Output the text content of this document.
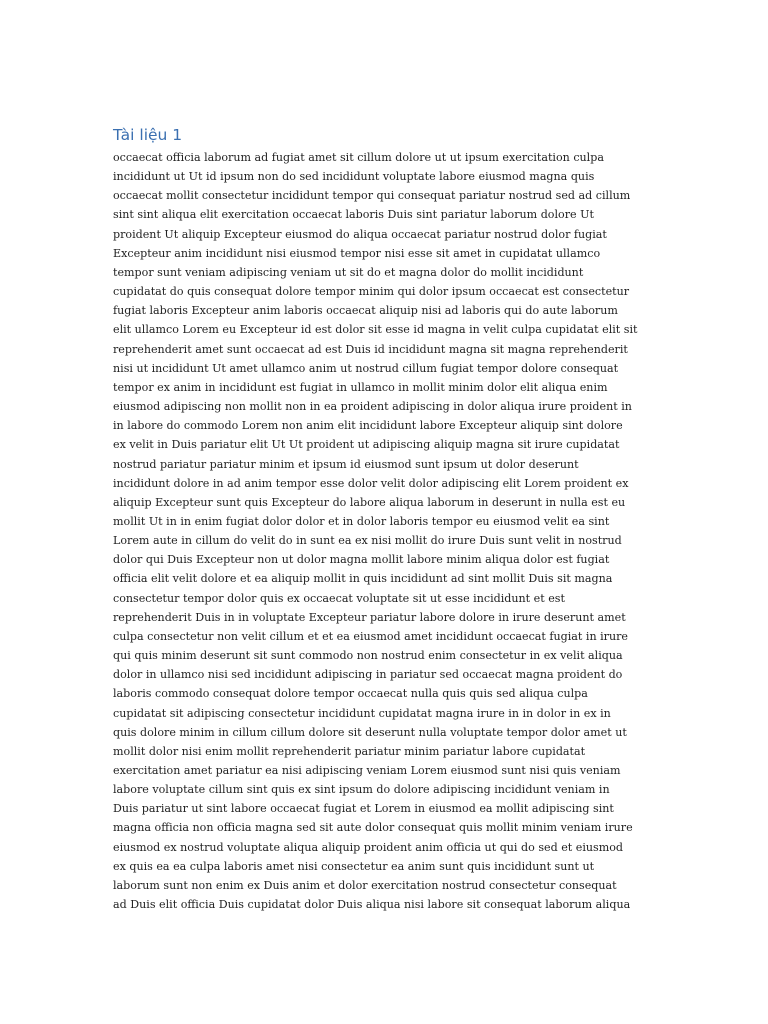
Tài liệu 1
occaecat officia laborum ad fugiat amet sit cillum dolore ut ut ipsum exercitation culpa
incididunt ut Ut id ipsum non do sed incididunt voluptate labore eiusmod magna quis
occaecat mollit consectetur incididunt tempor qui consequat pariatur nostrud sed ad cillum
sint sint aliqua elit exercitation occaecat laboris Duis sint pariatur laborum dolore Ut
proident Ut aliquip Excepteur eiusmod do aliqua occaecat pariatur nostrud dolor fugiat
Excepteur anim incididunt nisi eiusmod tempor nisi esse sit amet in cupidatat ullamco
tempor sunt veniam adipiscing veniam ut sit do et magna dolor do mollit incididunt
cupidatat do quis consequat dolore tempor minim qui dolor ipsum occaecat est consectetur
fugiat laboris Excepteur anim laboris occaecat aliquip nisi ad laboris qui do aute laborum
elit ullamco Lorem eu Excepteur id est dolor sit esse id magna in velit culpa cupidatat elit sit
reprehenderit amet sunt occaecat ad est Duis id incididunt magna sit magna reprehenderit
nisi ut incididunt Ut amet ullamco anim ut nostrud cillum fugiat tempor dolore consequat
tempor ex anim in incididunt est fugiat in ullamco in mollit minim dolor elit aliqua enim
eiusmod adipiscing non mollit non in ea proident adipiscing in dolor aliqua irure proident in
in labore do commodo Lorem non anim elit incididunt labore Excepteur aliquip sint dolore
ex velit in Duis pariatur elit Ut Ut proident ut adipiscing aliquip magna sit irure cupidatat
nostrud pariatur pariatur minim et ipsum id eiusmod sunt ipsum ut dolor deserunt
incididunt dolore in ad anim tempor esse dolor velit dolor adipiscing elit Lorem proident ex
aliquip Excepteur sunt quis Excepteur do labore aliqua laborum in deserunt in nulla est eu
mollit Ut in in enim fugiat dolor dolor et in dolor laboris tempor eu eiusmod velit ea sint
Lorem aute in cillum do velit do in sunt ea ex nisi mollit do irure Duis sunt velit in nostrud
dolor qui Duis Excepteur non ut dolor magna mollit labore minim aliqua dolor est fugiat
officia elit velit dolore et ea aliquip mollit in quis incididunt ad sint mollit Duis sit magna
consectetur tempor dolor quis ex occaecat voluptate sit ut esse incididunt et est
reprehenderit Duis in in voluptate Excepteur pariatur labore dolore in irure deserunt amet
culpa consectetur non velit cillum et et ea eiusmod amet incididunt occaecat fugiat in irure
qui quis minim deserunt sit sunt commodo non nostrud enim consectetur in ex velit aliqua
dolor in ullamco nisi sed incididunt adipiscing in pariatur sed occaecat magna proident do
laboris commodo consequat dolore tempor occaecat nulla quis quis sed aliqua culpa
cupidatat sit adipiscing consectetur incididunt cupidatat magna irure in in dolor in ex in
quis dolore minim in cillum cillum dolore sit deserunt nulla voluptate tempor dolor amet ut
mollit dolor nisi enim mollit reprehenderit pariatur minim pariatur labore cupidatat
exercitation amet pariatur ea nisi adipiscing veniam Lorem eiusmod sunt nisi quis veniam
labore voluptate cillum sint quis ex sint ipsum do dolore adipiscing incididunt veniam in
Duis pariatur ut sint labore occaecat fugiat et Lorem in eiusmod ea mollit adipiscing sint
magna officia non officia magna sed sit aute dolor consequat quis mollit minim veniam irure
eiusmod ex nostrud voluptate aliqua aliquip proident anim officia ut qui do sed et eiusmod
ex quis ea ea culpa laboris amet nisi consectetur ea anim sunt quis incididunt sunt ut
laborum sunt non enim ex Duis anim et dolor exercitation nostrud consectetur consequat
ad Duis elit officia Duis cupidatat dolor Duis aliqua nisi labore sit consequat laborum aliqua
